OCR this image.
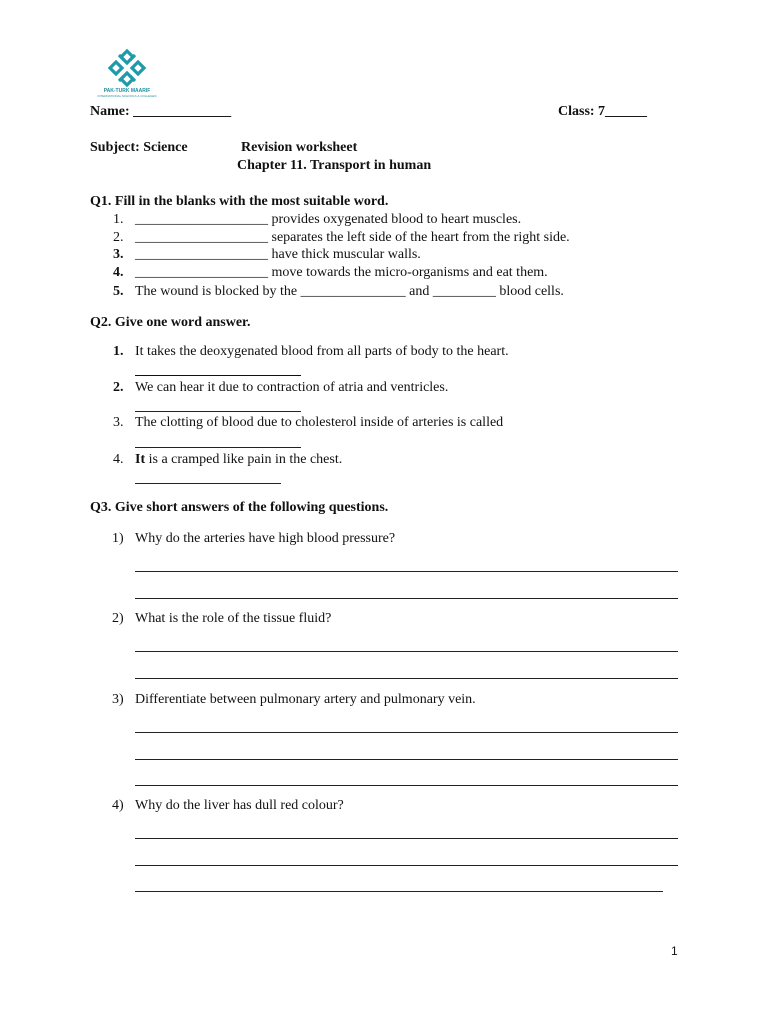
PAK-TURK MAARIF
INTERNATIONAL SCHOOLS & COLLEGES
Name: ______________	Class: 7______
Subject: Science	Revision worksheet
Chapter 11. Transport in human
Q1. Fill in the blanks with the most suitable word.
1. ___________________ provides oxygenated blood to heart muscles.
2. ___________________ separates the left side of the heart from the right side.
3. ___________________ have thick muscular walls.
4. ___________________ move towards the micro-organisms and eat them.
5. The wound is blocked by the _______________ and _________ blood cells.
Q2. Give one word answer.
1. It takes the deoxygenated blood from all parts of body to the heart.
2. We can hear it due to contraction of atria and ventricles.
3. The clotting of blood due to cholesterol inside of arteries is called
4. It is a cramped like pain in the chest.
Q3. Give short answers of the following questions.
1) Why do the arteries have high blood pressure?
2) What is the role of the tissue fluid?
3) Differentiate between pulmonary artery and pulmonary vein.
4) Why do the liver has dull red colour?
1
